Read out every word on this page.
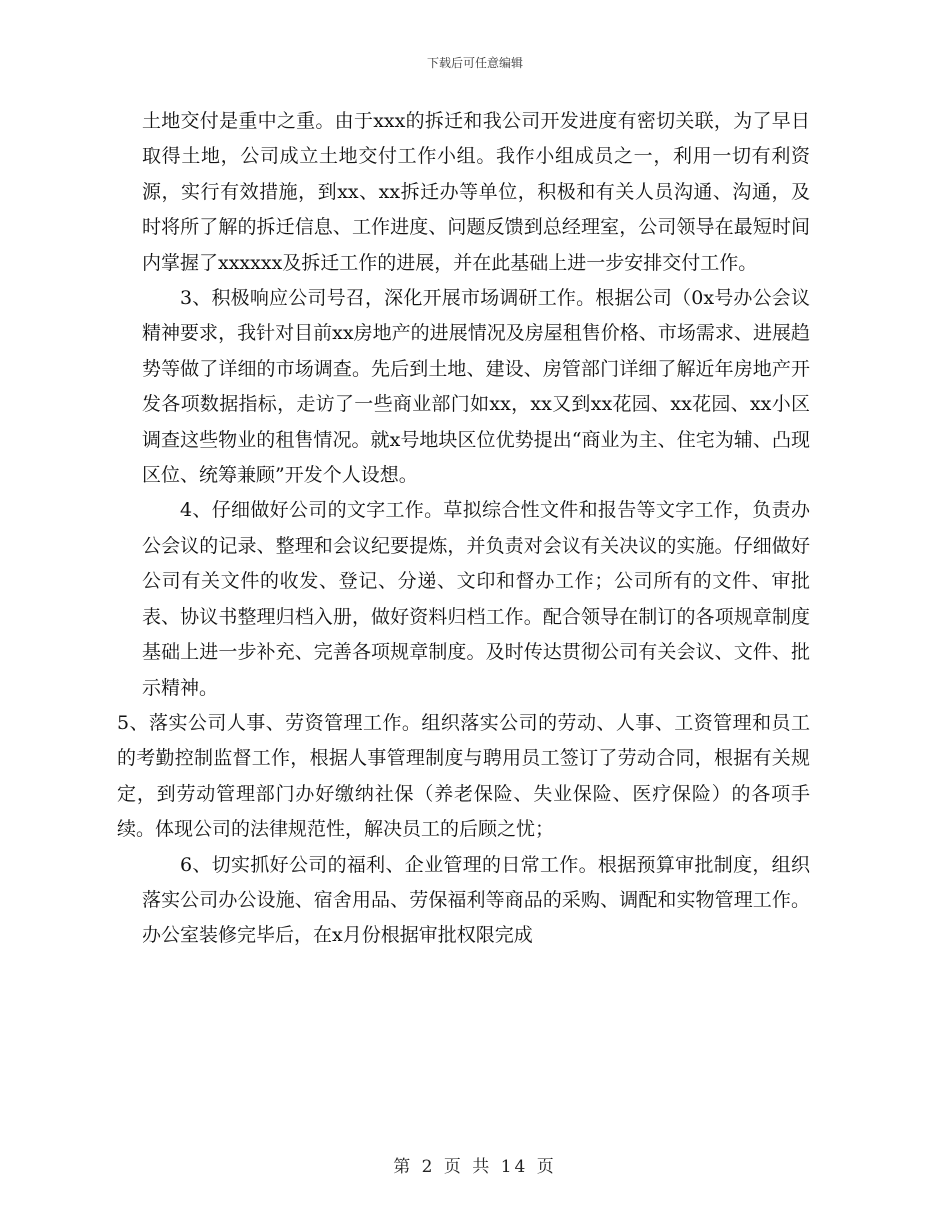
下载后可任意编辑

土地交付是重中之重。由于xxx的拆迁和我公司开发进度有密切关联，为了早日取得土地，公司成立土地交付工作小组。我作小组成员之一，利用一切有利资源，实行有效措施，到xx、xx拆迁办等单位，积极和有关人员沟通、沟通，及时将所了解的拆迁信息、工作进度、问题反馈到总经理室，公司领导在最短时间内掌握了xxxxxx及拆迁工作的进展，并在此基础上进一步安排交付工作。

3、积极响应公司号召，深化开展市场调研工作。根据公司（0x号办公会议精神要求，我针对目前xx房地产的进展情况及房屋租售价格、市场需求、进展趋势等做了详细的市场调查。先后到土地、建设、房管部门详细了解近年房地产开发各项数据指标，走访了一些商业部门如xx，xx又到xx花园、xx花园、xx小区调查这些物业的租售情况。就x号地块区位优势提出“商业为主、住宅为辅、凸现区位、统筹兼顾”开发个人设想。

4、仔细做好公司的文字工作。草拟综合性文件和报告等文字工作，负责办公会议的记录、整理和会议纪要提炼，并负责对会议有关决议的实施。仔细做好公司有关文件的收发、登记、分递、文印和督办工作；公司所有的文件、审批表、协议书整理归档入册，做好资料归档工作。配合领导在制订的各项规章制度基础上进一步补充、完善各项规章制度。及时传达贯彻公司有关会议、文件、批示精神。

5、落实公司人事、劳资管理工作。组织落实公司的劳动、人事、工资管理和员工的考勤控制监督工作，根据人事管理制度与聘用员工签订了劳动合同，根据有关规定，到劳动管理部门办好缴纳社保（养老保险、失业保险、医疗保险）的各项手续。体现公司的法律规范性，解决员工的后顾之忧；

6、切实抓好公司的福利、企业管理的日常工作。根据预算审批制度，组织落实公司办公设施、宿舍用品、劳保福利等商品的采购、调配和实物管理工作。办公室装修完毕后，在x月份根据审批权限完成

第 2 页 共 14 页
